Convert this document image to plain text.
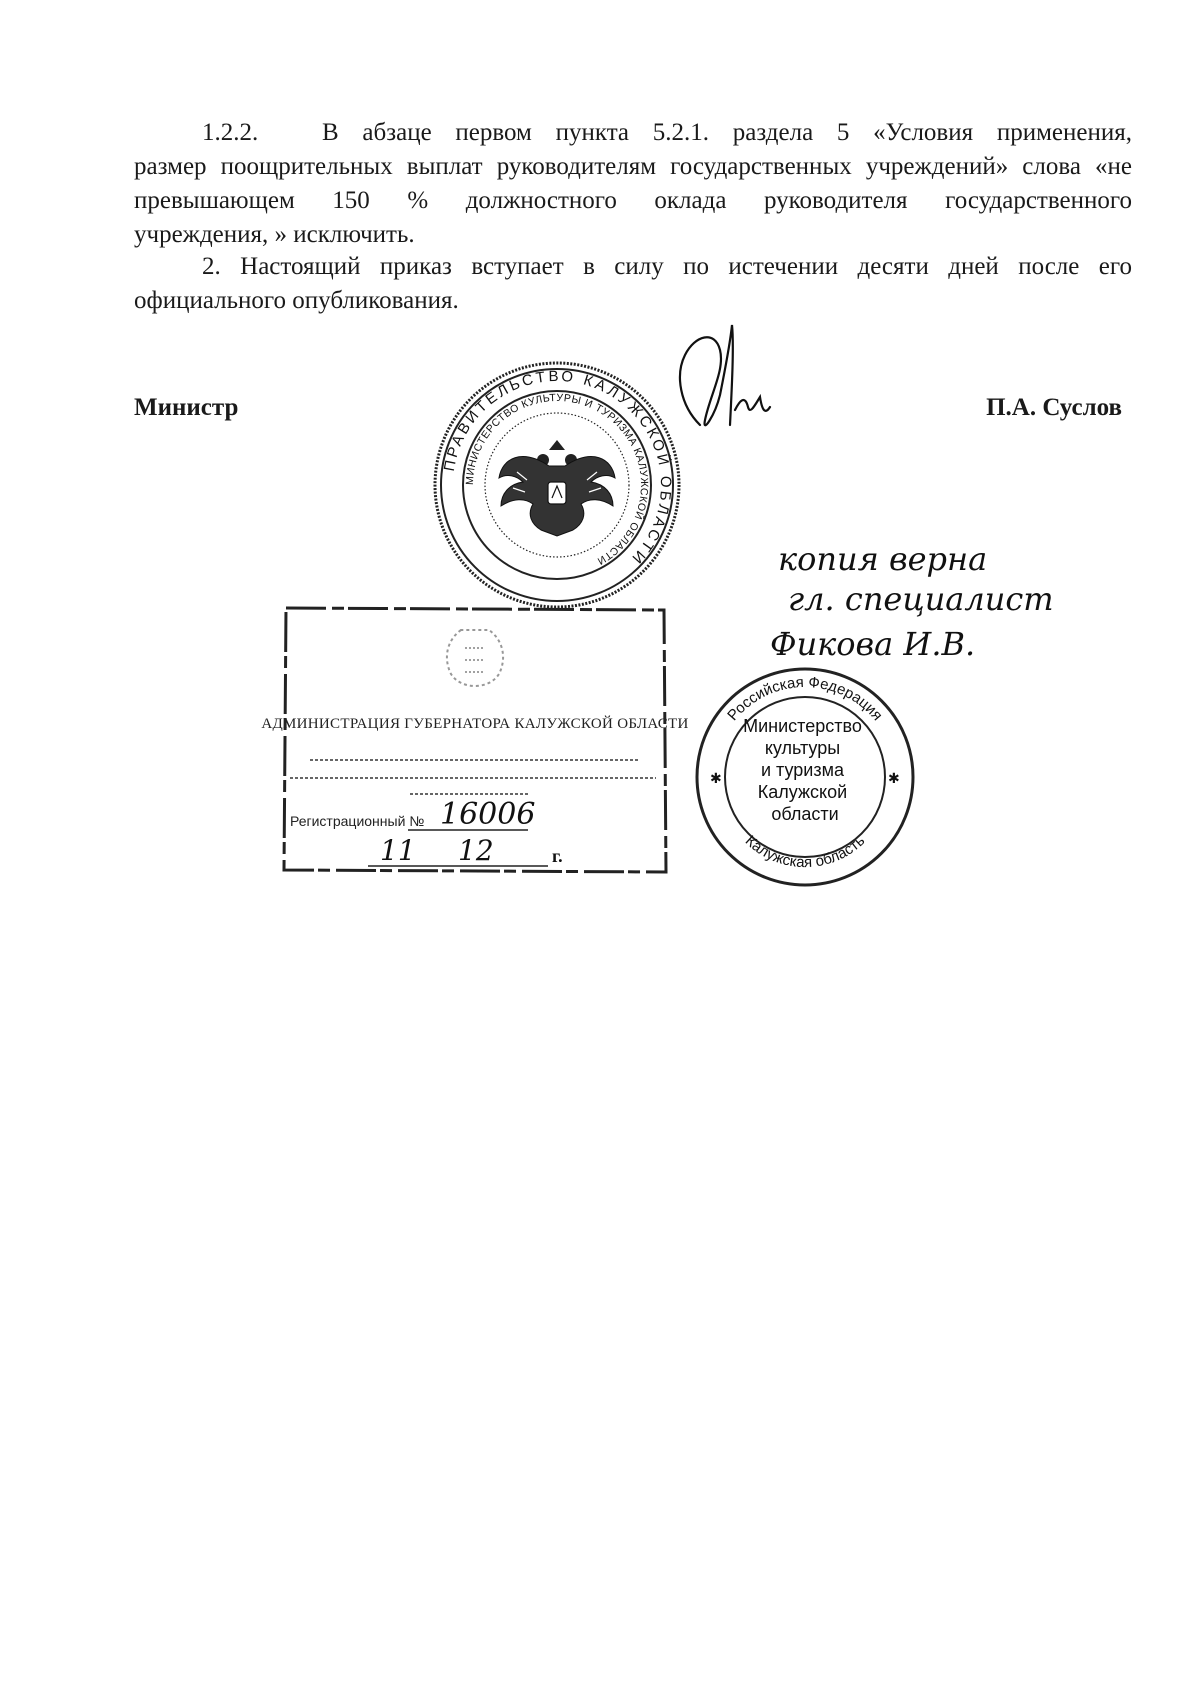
1.2.2.	В абзаце первом пункта 5.2.1. раздела 5 «Условия применения,
размер поощрительных выплат руководителям государственных учреждений» слова «не
превышающем 150 % должностного оклада руководителя государственного
учреждения, » исключить.

2. Настоящий приказ вступает в силу по истечении десяти дней после его
официального опубликования.

Министр	П.А. Суслов
ПРАВИТЕЛЬСТВО КАЛУЖСКОЙ ОБЛАСТИ
МИНИСТЕРСТВО КУЛЬТУРЫ И ТУРИЗМА КАЛУЖСКОЙ ОБЛАСТИ
АДМИНИСТРАЦИЯ ГУБЕРНАТОРА КАЛУЖСКОЙ ОБЛАСТИ
Регистрационный № 16006
11 12	г.
копия верна гл. специалист Фикова И.В.
Российская Федерация
Калужская область
✱	✱
Министерство культуры и туризма Калужской области
